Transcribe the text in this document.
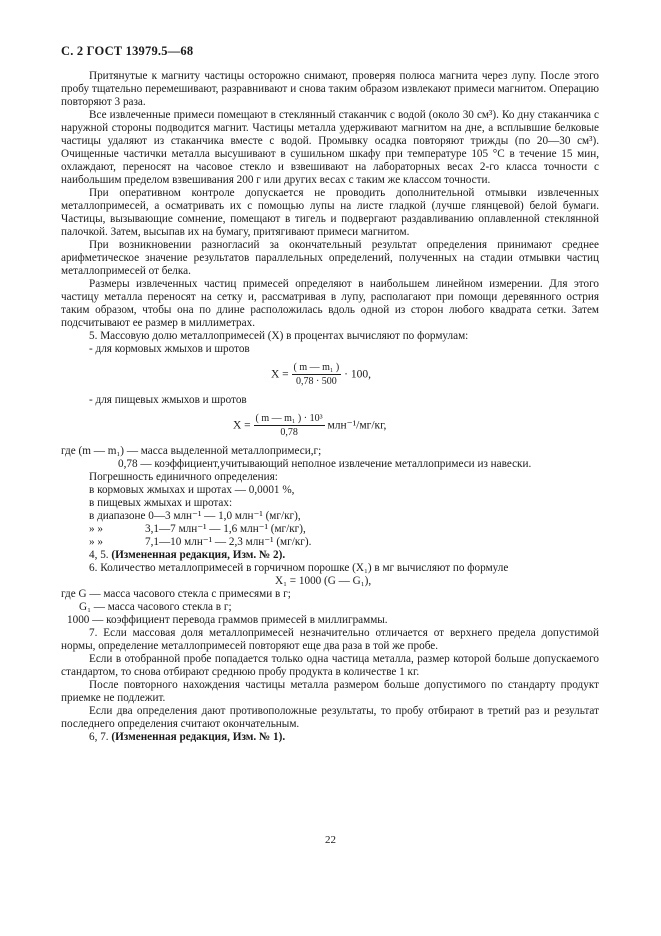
С. 2 ГОСТ 13979.5—68

Притянутые к магниту частицы осторожно снимают, проверяя полюса магнита через лупу. После этого пробу тщательно перемешивают, разравнивают и снова таким образом извлекают примеси магнитом. Операцию повторяют 3 раза.

Все извлеченные примеси помещают в стеклянный стаканчик с водой (около 30 см³). Ко дну стаканчика с наружной стороны подводится магнит. Частицы металла удерживают магнитом на дне, а всплывшие белковые частицы удаляют из стаканчика вместе с водой. Промывку осадка повторяют трижды (по 20—30 см³). Очищенные частички металла высушивают в сушильном шкафу при температуре 105 °С в течение 15 мин, охлаждают, переносят на часовое стекло и взвешивают на лабораторных весах 2-го класса точности с наибольшим пределом взвешивания 200 г или других весах с таким же классом точности.

При оперативном контроле допускается не проводить дополнительной отмывки извлеченных металлопримесей, а осматривать их с помощью лупы на листе гладкой (лучше глянцевой) белой бумаги. Частицы, вызывающие сомнение, помещают в тигель и подвергают раздавливанию оплавленной стеклянной палочкой. Затем, высыпав их на бумагу, притягивают примеси магнитом.

При возникновении разногласий за окончательный результат определения принимают среднее арифметическое значение результатов параллельных определений, полученных на стадии отмывки частиц металлопримесей от белка.

Размеры извлеченных частиц примесей определяют в наибольшем линейном измерении. Для этого частицу металла переносят на сетку и, рассматривая в лупу, располагают при помощи деревянного острия таким образом, чтобы она по длине расположилась вдоль одной из сторон любого квадрата сетки. Затем подсчитывают ее размер в миллиметрах.

5. Массовую долю металлопримесей (X) в процентах вычисляют по формулам:

- для кормовых жмыхов и шротов
$X = \frac{\text{( m — m₁ )}}{0,78 \cdot 500} \cdot 100$,
- для пищевых жмыхов и шротов
$X = \frac{\text{( m — m₁ ) · 10³}}{0,78} млн^{-1}/мг/кг$,
где (m — m₁) — масса выделенной металлопримеси,г;
0,78 — коэффициент,учитывающий неполное извлечение металлопримеси из навески.
Погрешность единичного определения:
в кормовых жмыхах и шротах — 0,0001 %,
в пищевых жмыхах и шротах:
в диапазоне 0—3 млн⁻¹ — 1,0 млн⁻¹ (мг/кг),
» »	3,1—7 млн⁻¹ — 1,6 млн⁻¹ (мг/кг),
» »	7,1—10 млн⁻¹ — 2,3 млн⁻¹ (мг/кг).
4, 5. (Измененная редакция, Изм. № 2).

6. Количество металлопримесей в горчичном порошке (X₁) в мг вычисляют по формуле

X₁ = 1000 (G — G₁),
где G — масса часового стекла с примесями в г;
G₁ — масса часового стекла в г;
1000 — коэффициент перевода граммов примесей в миллиграммы.

7. Если массовая доля металлопримесей незначительно отличается от верхнего предела допустимой нормы, определение металлопримесей повторяют еще два раза в той же пробе.

Если в отобранной пробе попадается только одна частица металла, размер которой больше допускаемого стандартом, то снова отбирают среднюю пробу продукта в количестве 1 кг.

После повторного нахождения частицы металла размером больше допустимого по стандарту продукт приемке не подлежит.

Если два определения дают противоположные результаты, то пробу отбирают в третий раз и результат последнего определения считают окончательным.

6, 7. (Измененная редакция, Изм. № 1).
22
